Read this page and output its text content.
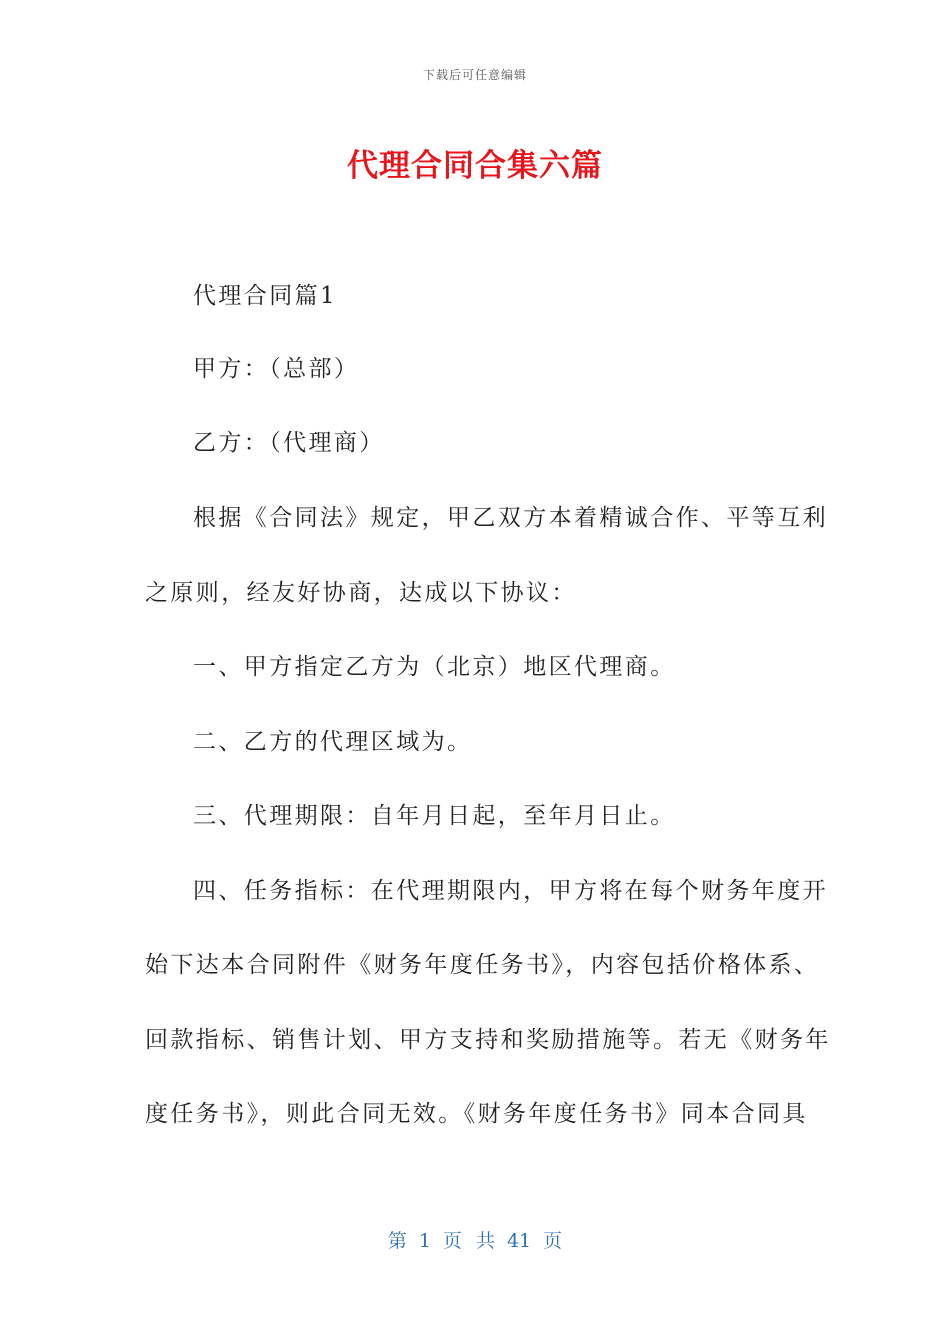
下载后可任意编辑
代理合同合集六篇
代理合同篇1
甲方：（总部）
乙方：（代理商）
根据《合同法》规定，甲乙双方本着精诚合作、平等互利
之原则，经友好协商，达成以下协议：
一、甲方指定乙方为（北京）地区代理商。
二、乙方的代理区域为。
三、代理期限：自年月日起，至年月日止。
四、任务指标：在代理期限内，甲方将在每个财务年度开
始下达本合同附件《财务年度任务书》，内容包括价格体系、
回款指标、销售计划、甲方支持和奖励措施等。若无《财务年
度任务书》，则此合同无效。《财务年度任务书》同本合同具
第 1 页 共 41 页
